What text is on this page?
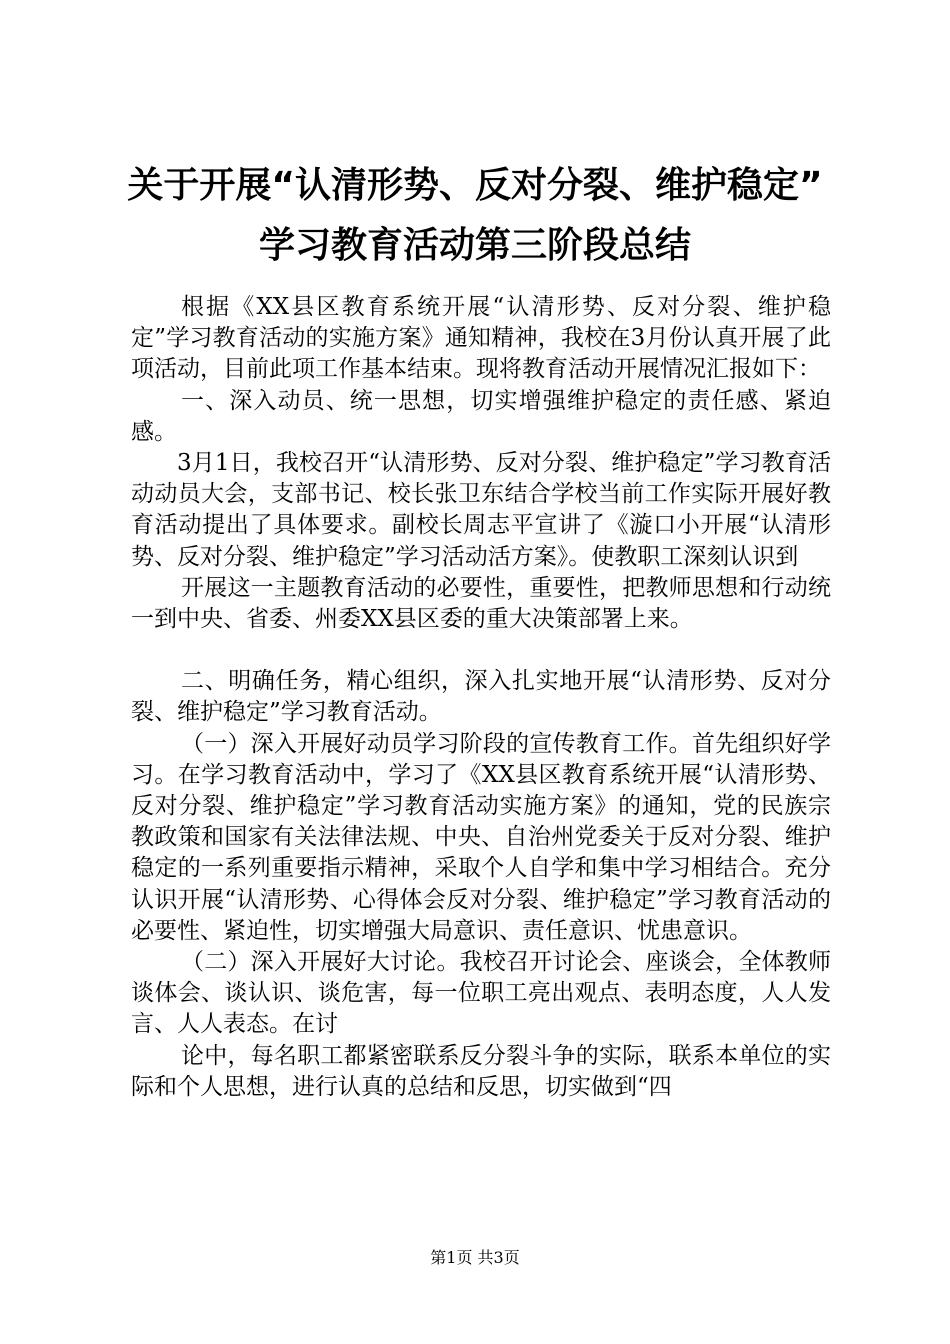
关于开展“认清形势、反对分裂、维护稳定”
学习教育活动第三阶段总结

根据《XX县区教育系统开展“认清形势、反对分裂、维护稳定”学习教育活动的实施方案》通知精神，我校在3月份认真开展了此项活动，目前此项工作基本结束。现将教育活动开展情况汇报如下：

一、深入动员、统一思想，切实增强维护稳定的责任感、紧迫感。

3月1日，我校召开“认清形势、反对分裂、维护稳定”学习教育活动动员大会，支部书记、校长张卫东结合学校当前工作实际开展好教育活动提出了具体要求。副校长周志平宣讲了《漩口小开展“认清形势、反对分裂、维护稳定”学习活动活方案》。使教职工深刻认识到

开展这一主题教育活动的必要性，重要性，把教师思想和行动统一到中央、省委、州委XX县区委的重大决策部署上来。

二、明确任务，精心组织，深入扎实地开展“认清形势、反对分裂、维护稳定”学习教育活动。

（一）深入开展好动员学习阶段的宣传教育工作。首先组织好学习。在学习教育活动中，学习了《XX县区教育系统开展“认清形势、反对分裂、维护稳定”学习教育活动实施方案》的通知，党的民族宗教政策和国家有关法律法规、中央、自治州党委关于反对分裂、维护稳定的一系列重要指示精神，采取个人自学和集中学习相结合。充分认识开展“认清形势、心得体会反对分裂、维护稳定”学习教育活动的必要性、紧迫性，切实增强大局意识、责任意识、忧患意识。

（二）深入开展好大讨论。我校召开讨论会、座谈会，全体教师谈体会、谈认识、谈危害，每一位职工亮出观点、表明态度，人人发言、人人表态。在讨

论中，每名职工都紧密联系反分裂斗争的实际，联系本单位的实际和个人思想，进行认真的总结和反思，切实做到“四

第1页 共3页
